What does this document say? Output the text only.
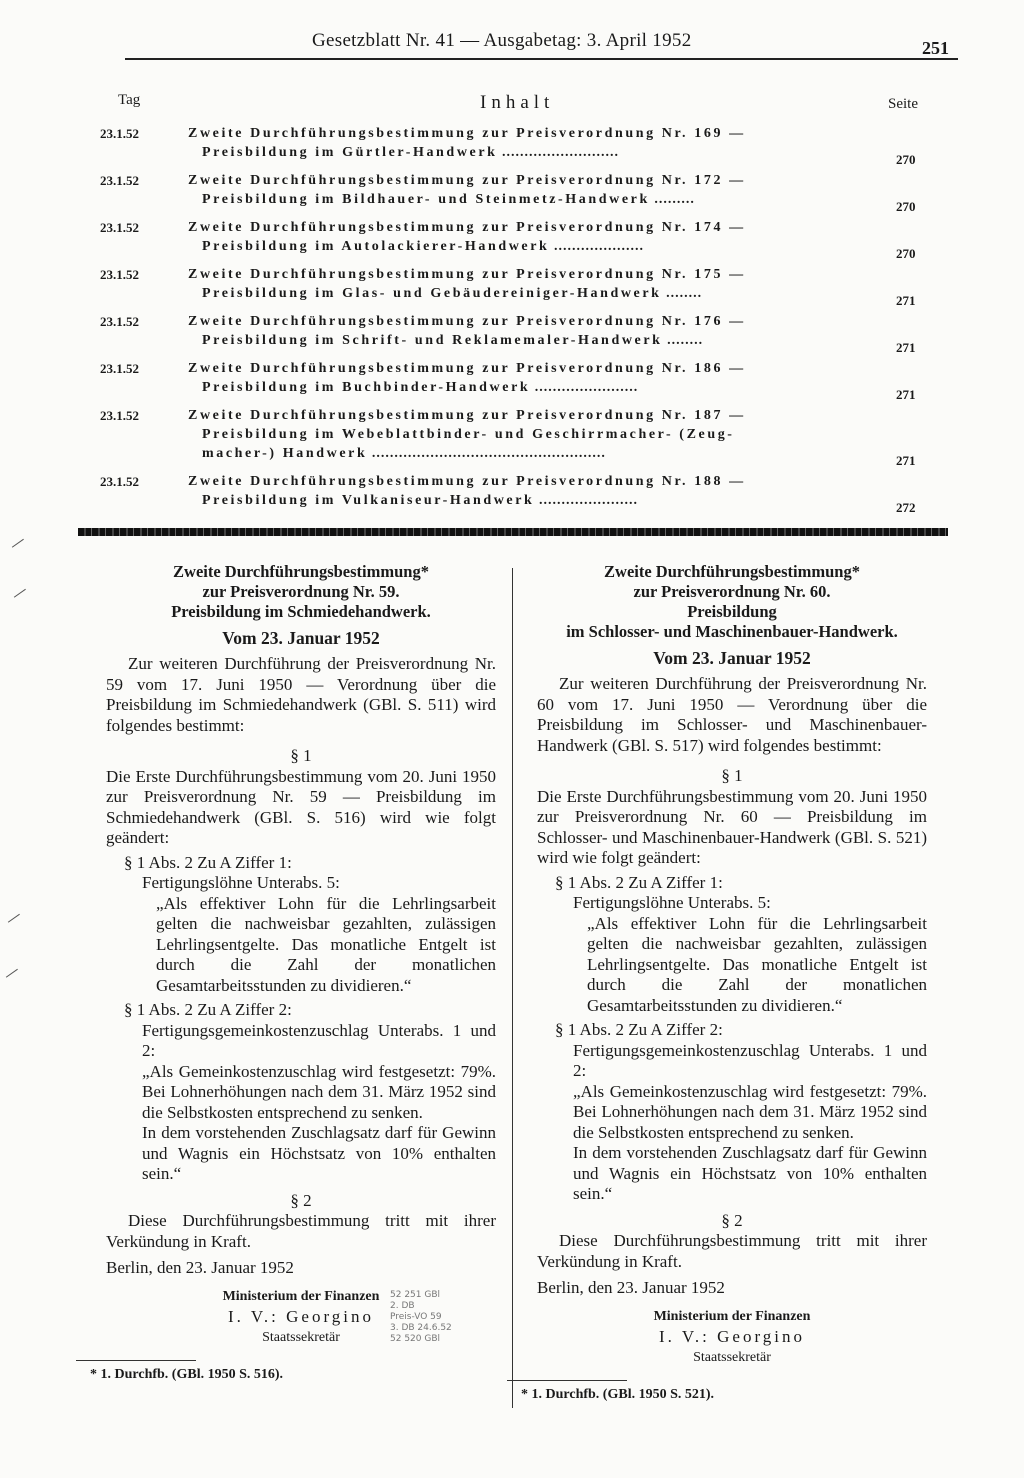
Gesetzblatt Nr. 41 — Ausgabetag: 3. April 1952	251
Tag	Inhalt	Seite
23.1.52	Zweite Durchführungsbestimmung zur Preisverordnung Nr. 169 —
Preisbildung im Gürtler-Handwerk ..........................	270
23.1.52	Zweite Durchführungsbestimmung zur Preisverordnung Nr. 172 —
Preisbildung im Bildhauer- und Steinmetz-Handwerk .........	270
23.1.52	Zweite Durchführungsbestimmung zur Preisverordnung Nr. 174 —
Preisbildung im Autolackierer-Handwerk ....................	270
23.1.52	Zweite Durchführungsbestimmung zur Preisverordnung Nr. 175 —
Preisbildung im Glas- und Gebäudereiniger-Handwerk ........	271
23.1.52	Zweite Durchführungsbestimmung zur Preisverordnung Nr. 176 —
Preisbildung im Schrift- und Reklamemaler-Handwerk ........	271
23.1.52	Zweite Durchführungsbestimmung zur Preisverordnung Nr. 186 —
Preisbildung im Buchbinder-Handwerk .......................	271
23.1.52	Zweite Durchführungsbestimmung zur Preisverordnung Nr. 187 —
Preisbildung im Webeblattbinder- und Geschirrmacher- (Zeug-
macher-) Handwerk ....................................................	271
23.1.52	Zweite Durchführungsbestimmung zur Preisverordnung Nr. 188 —
Preisbildung im Vulkaniseur-Handwerk ......................	272
Zweite Durchführungsbestimmung*
zur Preisverordnung Nr. 59.
Preisbildung im Schmiedehandwerk.
Vom 23. Januar 1952

Zur weiteren Durchführung der Preisverordnung Nr. 59 vom 17. Juni 1950 — Verordnung über die Preisbildung im Schmiedehandwerk (GBl. S. 511) wird folgendes bestimmt:

§ 1

Die Erste Durchführungsbestimmung vom 20. Juni 1950 zur Preisverordnung Nr. 59 — Preisbildung im Schmiedehandwerk (GBl. S. 516) wird wie folgt geändert:

§ 1 Abs. 2 Zu A Ziffer 1:
Fertigungslöhne Unterabs. 5:
„Als effektiver Lohn für die Lehrlingsarbeit gelten die nachweisbar gezahlten, zulässigen Lehrlingsentgelte. Das monatliche Entgelt ist durch die Zahl der monatlichen Gesamtarbeitsstunden zu dividieren.“
§ 1 Abs. 2 Zu A Ziffer 2:
Fertigungsgemeinkostenzuschlag Unterabs. 1 und 2:
„Als Gemeinkostenzuschlag wird festgesetzt: 79%. Bei Lohnerhöhungen nach dem 31. März 1952 sind die Selbstkosten entsprechend zu senken.
In dem vorstehenden Zuschlagsatz darf für Gewinn und Wagnis ein Höchstsatz von 10% enthalten sein.“
§ 2

Diese Durchführungsbestimmung tritt mit ihrer Verkündung in Kraft.

Berlin, den 23. Januar 1952

Ministerium der Finanzen
I. V.: Georgino
Staatssekretär
* 1. Durchfb. (GBl. 1950 S. 516).
Zweite Durchführungsbestimmung*
zur Preisverordnung Nr. 60.
Preisbildung
im Schlosser- und Maschinenbauer-Handwerk.
Vom 23. Januar 1952

Zur weiteren Durchführung der Preisverordnung Nr. 60 vom 17. Juni 1950 — Verordnung über die Preisbildung im Schlosser- und Maschinenbauer-Handwerk (GBl. S. 517) wird folgendes bestimmt:

§ 1

Die Erste Durchführungsbestimmung vom 20. Juni 1950 zur Preisverordnung Nr. 60 — Preisbildung im Schlosser- und Maschinenbauer-Handwerk (GBl. S. 521) wird wie folgt geändert:

§ 1 Abs. 2 Zu A Ziffer 1:
Fertigungslöhne Unterabs. 5:
„Als effektiver Lohn für die Lehrlingsarbeit gelten die nachweisbar gezahlten, zulässigen Lehrlingsentgelte. Das monatliche Entgelt ist durch die Zahl der monatlichen Gesamtarbeitsstunden zu dividieren.“
§ 1 Abs. 2 Zu A Ziffer 2:
Fertigungsgemeinkostenzuschlag Unterabs. 1 und 2:
„Als Gemeinkostenzuschlag wird festgesetzt: 79%. Bei Lohnerhöhungen nach dem 31. März 1952 sind die Selbstkosten entsprechend zu senken.
In dem vorstehenden Zuschlagsatz darf für Gewinn und Wagnis ein Höchstsatz von 10% enthalten sein.“
§ 2

Diese Durchführungsbestimmung tritt mit ihrer Verkündung in Kraft.

Berlin, den 23. Januar 1952

Ministerium der Finanzen
I. V.: Georgino
Staatssekretär
* 1. Durchfb. (GBl. 1950 S. 521).
52 251 GBl
2. DB
Preis-VO 59
3. DB 24.6.52
52 520 GBl
